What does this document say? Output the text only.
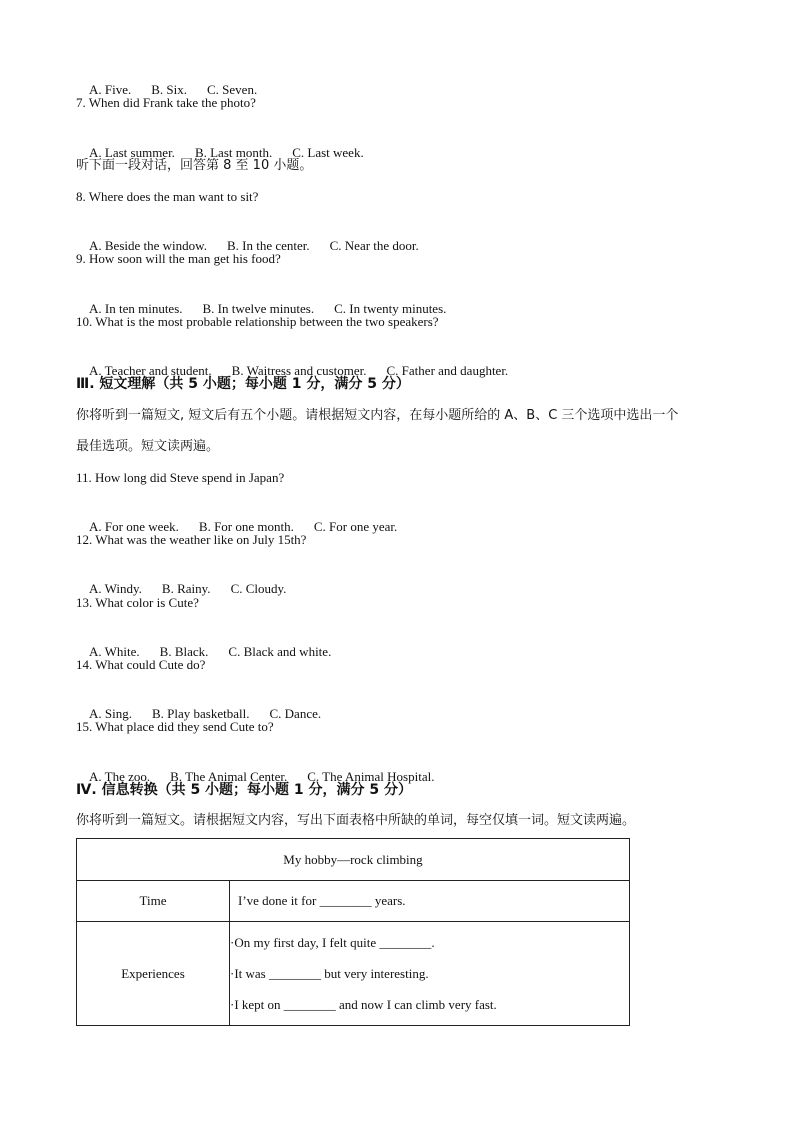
A. Five. B. Six. C. Seven.

7. When did Frank take the photo?

A. Last summer. B. Last month. C. Last week.

听下面一段对话，回答第 8 至 10 小题。
8. Where does the man want to sit?

A. Beside the window. B. In the center. C. Near the door.

9. How soon will the man get his food?

A. In ten minutes. B. In twelve minutes. C. In twenty minutes.

10. What is the most probable relationship between the two speakers?

A. Teacher and student. B. Waitress and customer. C. Father and daughter.

Ⅲ. 短文理解（共 5 小题；每小题 1 分，满分 5 分）
你将听到一篇短文, 短文后有五个小题。请根据短文内容，在每小题所给的 A、B、C 三个选项中选出一个
最佳选项。短文读两遍。
11. How long did Steve spend in Japan?

A. For one week. B. For one month. C. For one year.

12. What was the weather like on July 15th?

A. Windy. B. Rainy. C. Cloudy.

13. What color is Cute?

A. White. B. Black. C. Black and white.

14. What could Cute do?

A. Sing. B. Play basketball. C. Dance.

15. What place did they send Cute to?

A. The zoo. B. The Animal Center. C. The Animal Hospital.

Ⅳ. 信息转换（共 5 小题；每小题 1 分，满分 5 分）
你将听到一篇短文。请根据短文内容，写出下面表格中所缺的单词，每空仅填一词。短文读两遍。
My hobby—rock climbing	
Time	I’ve done it for ________ years.
Experiences	·On my first day, I felt quite ________.
·It was ________ but very interesting.
·I kept on ________ and now I can climb very fast.
